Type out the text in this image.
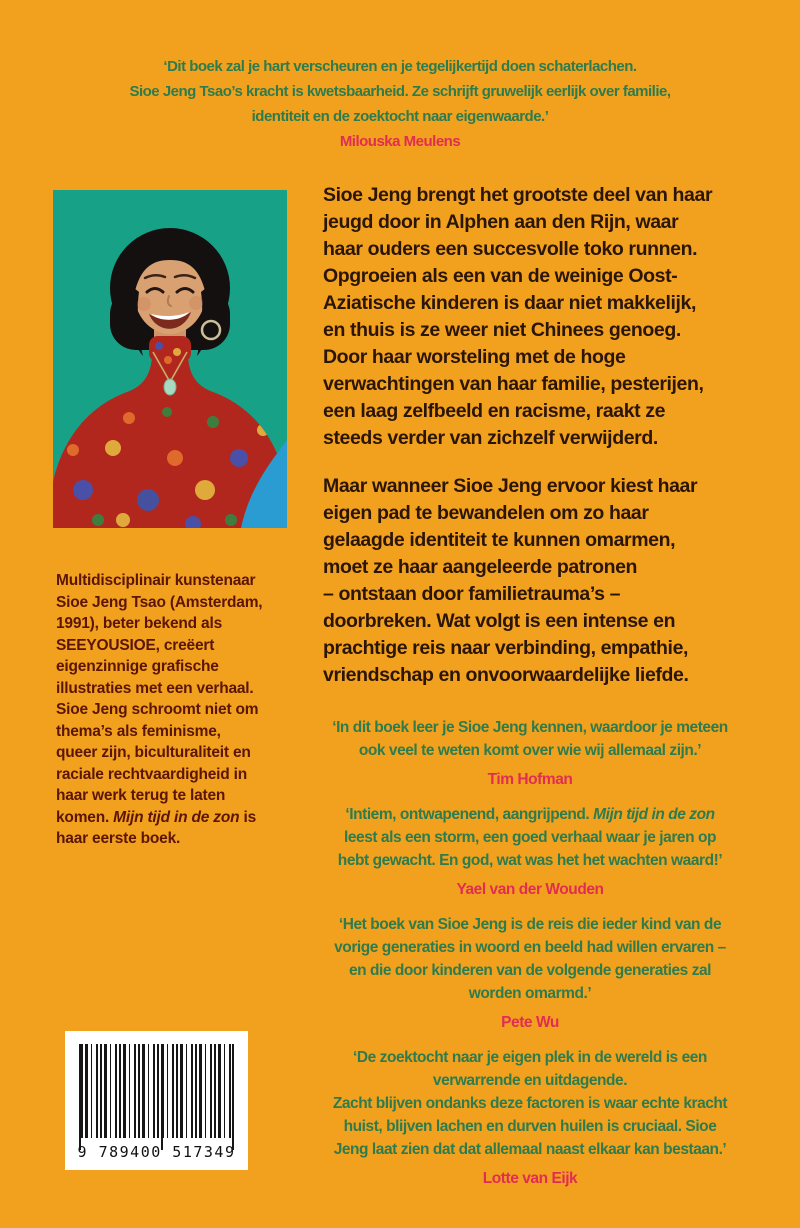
‘Dit boek zal je hart verscheuren en je tegelijkertijd doen schaterlachen.
Sioe Jeng Tsao’s kracht is kwetsbaarheid. Ze schrijft gruwelijk eerlijk over familie,
identiteit en de zoektocht naar eigenwaarde.’
Milouska Meulens
Sioe Jeng brengt het grootste deel van haar
jeugd door in Alphen aan den Rijn, waar
haar ouders een succesvolle toko runnen.
Opgroeien als een van de weinige Oost-
Aziatische kinderen is daar niet makkelijk,
en thuis is ze weer niet Chinees genoeg.
Door haar worsteling met de hoge
verwachtingen van haar familie, pesterijen,
een laag zelfbeeld en racisme, raakt ze
steeds verder van zichzelf verwijderd.
Maar wanneer Sioe Jeng ervoor kiest haar
eigen pad te bewandelen om zo haar
gelaagde identiteit te kunnen omarmen,
moet ze haar aangeleerde patronen
– ontstaan door familietrauma’s –
doorbreken. Wat volgt is een intense en
prachtige reis naar verbinding, empathie,
vriendschap en onvoorwaardelijke liefde.
Multidisciplinair kunstenaar
Sioe Jeng Tsao (Amsterdam,
1991), beter bekend als
SEEYOUSIOE, creëert
eigenzinnige grafische
illustraties met een verhaal.
Sioe Jeng schroomt niet om
thema’s als feminisme,
queer zijn, biculturaliteit en
raciale rechtvaardigheid in
haar werk terug te laten
komen. Mijn tijd in de zon is
haar eerste boek.
‘In dit boek leer je Sioe Jeng kennen, waardoor je meteen
ook veel te weten komt over wie wij allemaal zijn.’
Tim Hofman
‘Intiem, ontwapenend, aangrijpend. Mijn tijd in de zon
leest als een storm, een goed verhaal waar je jaren op
hebt gewacht. En god, wat was het het wachten waard!’
Yael van der Wouden
‘Het boek van Sioe Jeng is de reis die ieder kind van de
vorige generaties in woord en beeld had willen ervaren –
en die door kinderen van de volgende generaties zal
worden omarmd.’
Pete Wu
‘De zoektocht naar je eigen plek in de wereld is een
verwarrende en uitdagende.
Zacht blijven ondanks deze factoren is waar echte kracht
huist, blijven lachen en durven huilen is cruciaal. Sioe
Jeng laat zien dat dat allemaal naast elkaar kan bestaan.’
Lotte van Eijk
9 789400 517349
